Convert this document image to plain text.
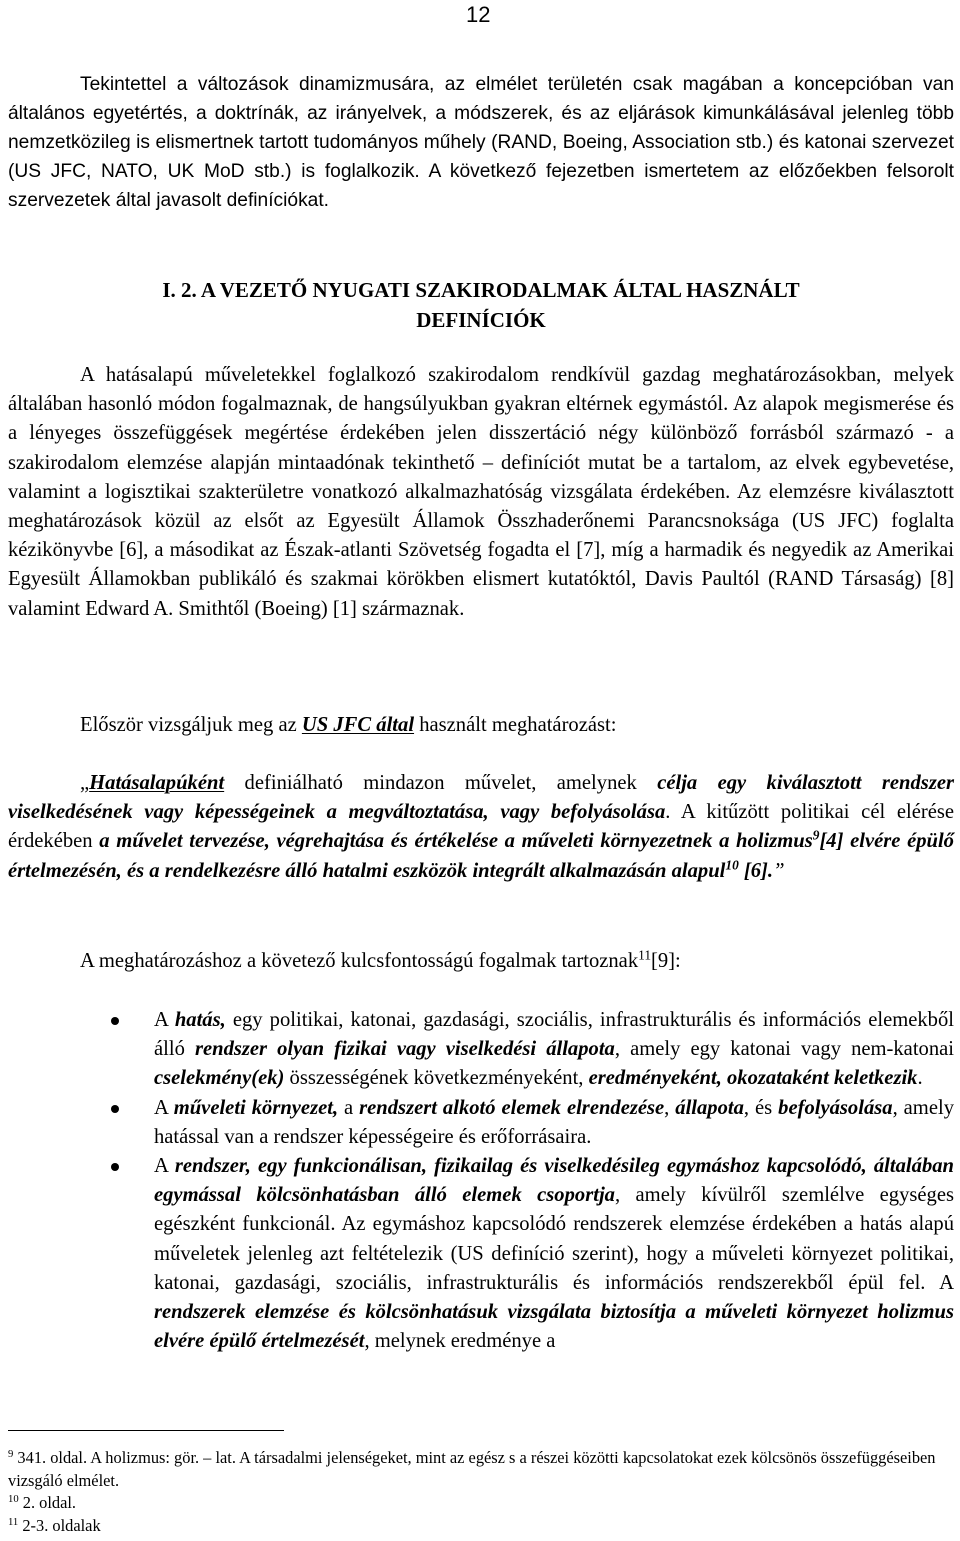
12
Tekintettel a változások dinamizmusára, az elmélet területén csak magában a koncepcióban van általános egyetértés, a doktrínák, az irányelvek, a módszerek, és az eljárások kimunkálásával jelenleg több nemzetközileg is elismertnek tartott tudományos műhely (RAND, Boeing, Association stb.) és katonai szervezet (US JFC, NATO, UK MoD stb.) is foglalkozik. A következő fejezetben ismertetem az előzőekben felsorolt szervezetek által javasolt definíciókat.
I. 2. A VEZETŐ NYUGATI SZAKIRODALMAK ÁLTAL HASZNÁLT
DEFINÍCIÓK
A hatásalapú műveletekkel foglalkozó szakirodalom rendkívül gazdag meghatározásokban, melyek általában hasonló módon fogalmaznak, de hangsúlyukban gyakran eltérnek egymástól. Az alapok megismerése és a lényeges összefüggések megértése érdekében jelen disszertáció négy különböző forrásból származó - a szakirodalom elemzése alapján mintaadónak tekinthető – definíciót mutat be a tartalom, az elvek egybevetése, valamint a logisztikai szakterületre vonatkozó alkalmazhatóság vizsgálata érdekében. Az elemzésre kiválasztott meghatározások közül az elsőt az Egyesült Államok Összhaderőnemi Parancsnoksága (US JFC) foglalta kézikönyvbe [6], a másodikat az Észak-atlanti Szövetség fogadta el [7], míg a harmadik és negyedik az Amerikai Egyesült Államokban publikáló és szakmai körökben elismert kutatóktól, Davis Paultól (RAND Társaság) [8] valamint Edward A. Smithtől (Boeing) [1] származnak.
Először vizsgáljuk meg az US JFC által használt meghatározást:
„Hatásalapúként definiálható mindazon művelet, amelynek célja egy kiválasztott rendszer viselkedésének vagy képességeinek a megváltoztatása, vagy befolyásolása. A kitűzött politikai cél elérése érdekében a művelet tervezése, végrehajtása és értékelése a műveleti környezetnek a holizmus$^9$[4] elvére épülő értelmezésén, és a rendelkezésre álló hatalmi eszközök integrált alkalmazásán alapul$^{10}$ [6].”
A meghatározáshoz a követező kulcsfontosságú fogalmak tartoznak$^{11}$[9]:
A hatás, egy politikai, katonai, gazdasági, szociális, infrastrukturális és információs elemekből álló rendszer olyan fizikai vagy viselkedési állapota, amely egy katonai vagy nem-katonai cselekmény(ek) összességének következményeként, eredményeként, okozataként keletkezik.
A műveleti környezet, a rendszert alkotó elemek elrendezése, állapota, és befolyásolása, amely hatással van a rendszer képességeire és erőforrásaira.
A rendszer, egy funkcionálisan, fizikailag és viselkedésileg egymáshoz kapcsolódó, általában egymással kölcsönhatásban álló elemek csoportja, amely kívülről szemlélve egységes egészként funkcionál. Az egymáshoz kapcsolódó rendszerek elemzése érdekében a hatás alapú műveletek jelenleg azt feltételezik (US definíció szerint), hogy a műveleti környezet politikai, katonai, gazdasági, szociális, infrastrukturális és információs rendszerekből épül fel. A rendszerek elemzése és kölcsönhatásuk vizsgálata biztosítja a műveleti környezet holizmus elvére épülő értelmezését, melynek eredménye a
$^9$ 341. oldal. A holizmus: gör. – lat. A társadalmi jelenségeket, mint az egész s a részei közötti kapcsolatokat ezek kölcsönös összefüggéseiben vizsgáló elmélet.
$^{10}$ 2. oldal.
$^{11}$ 2-3. oldalak
